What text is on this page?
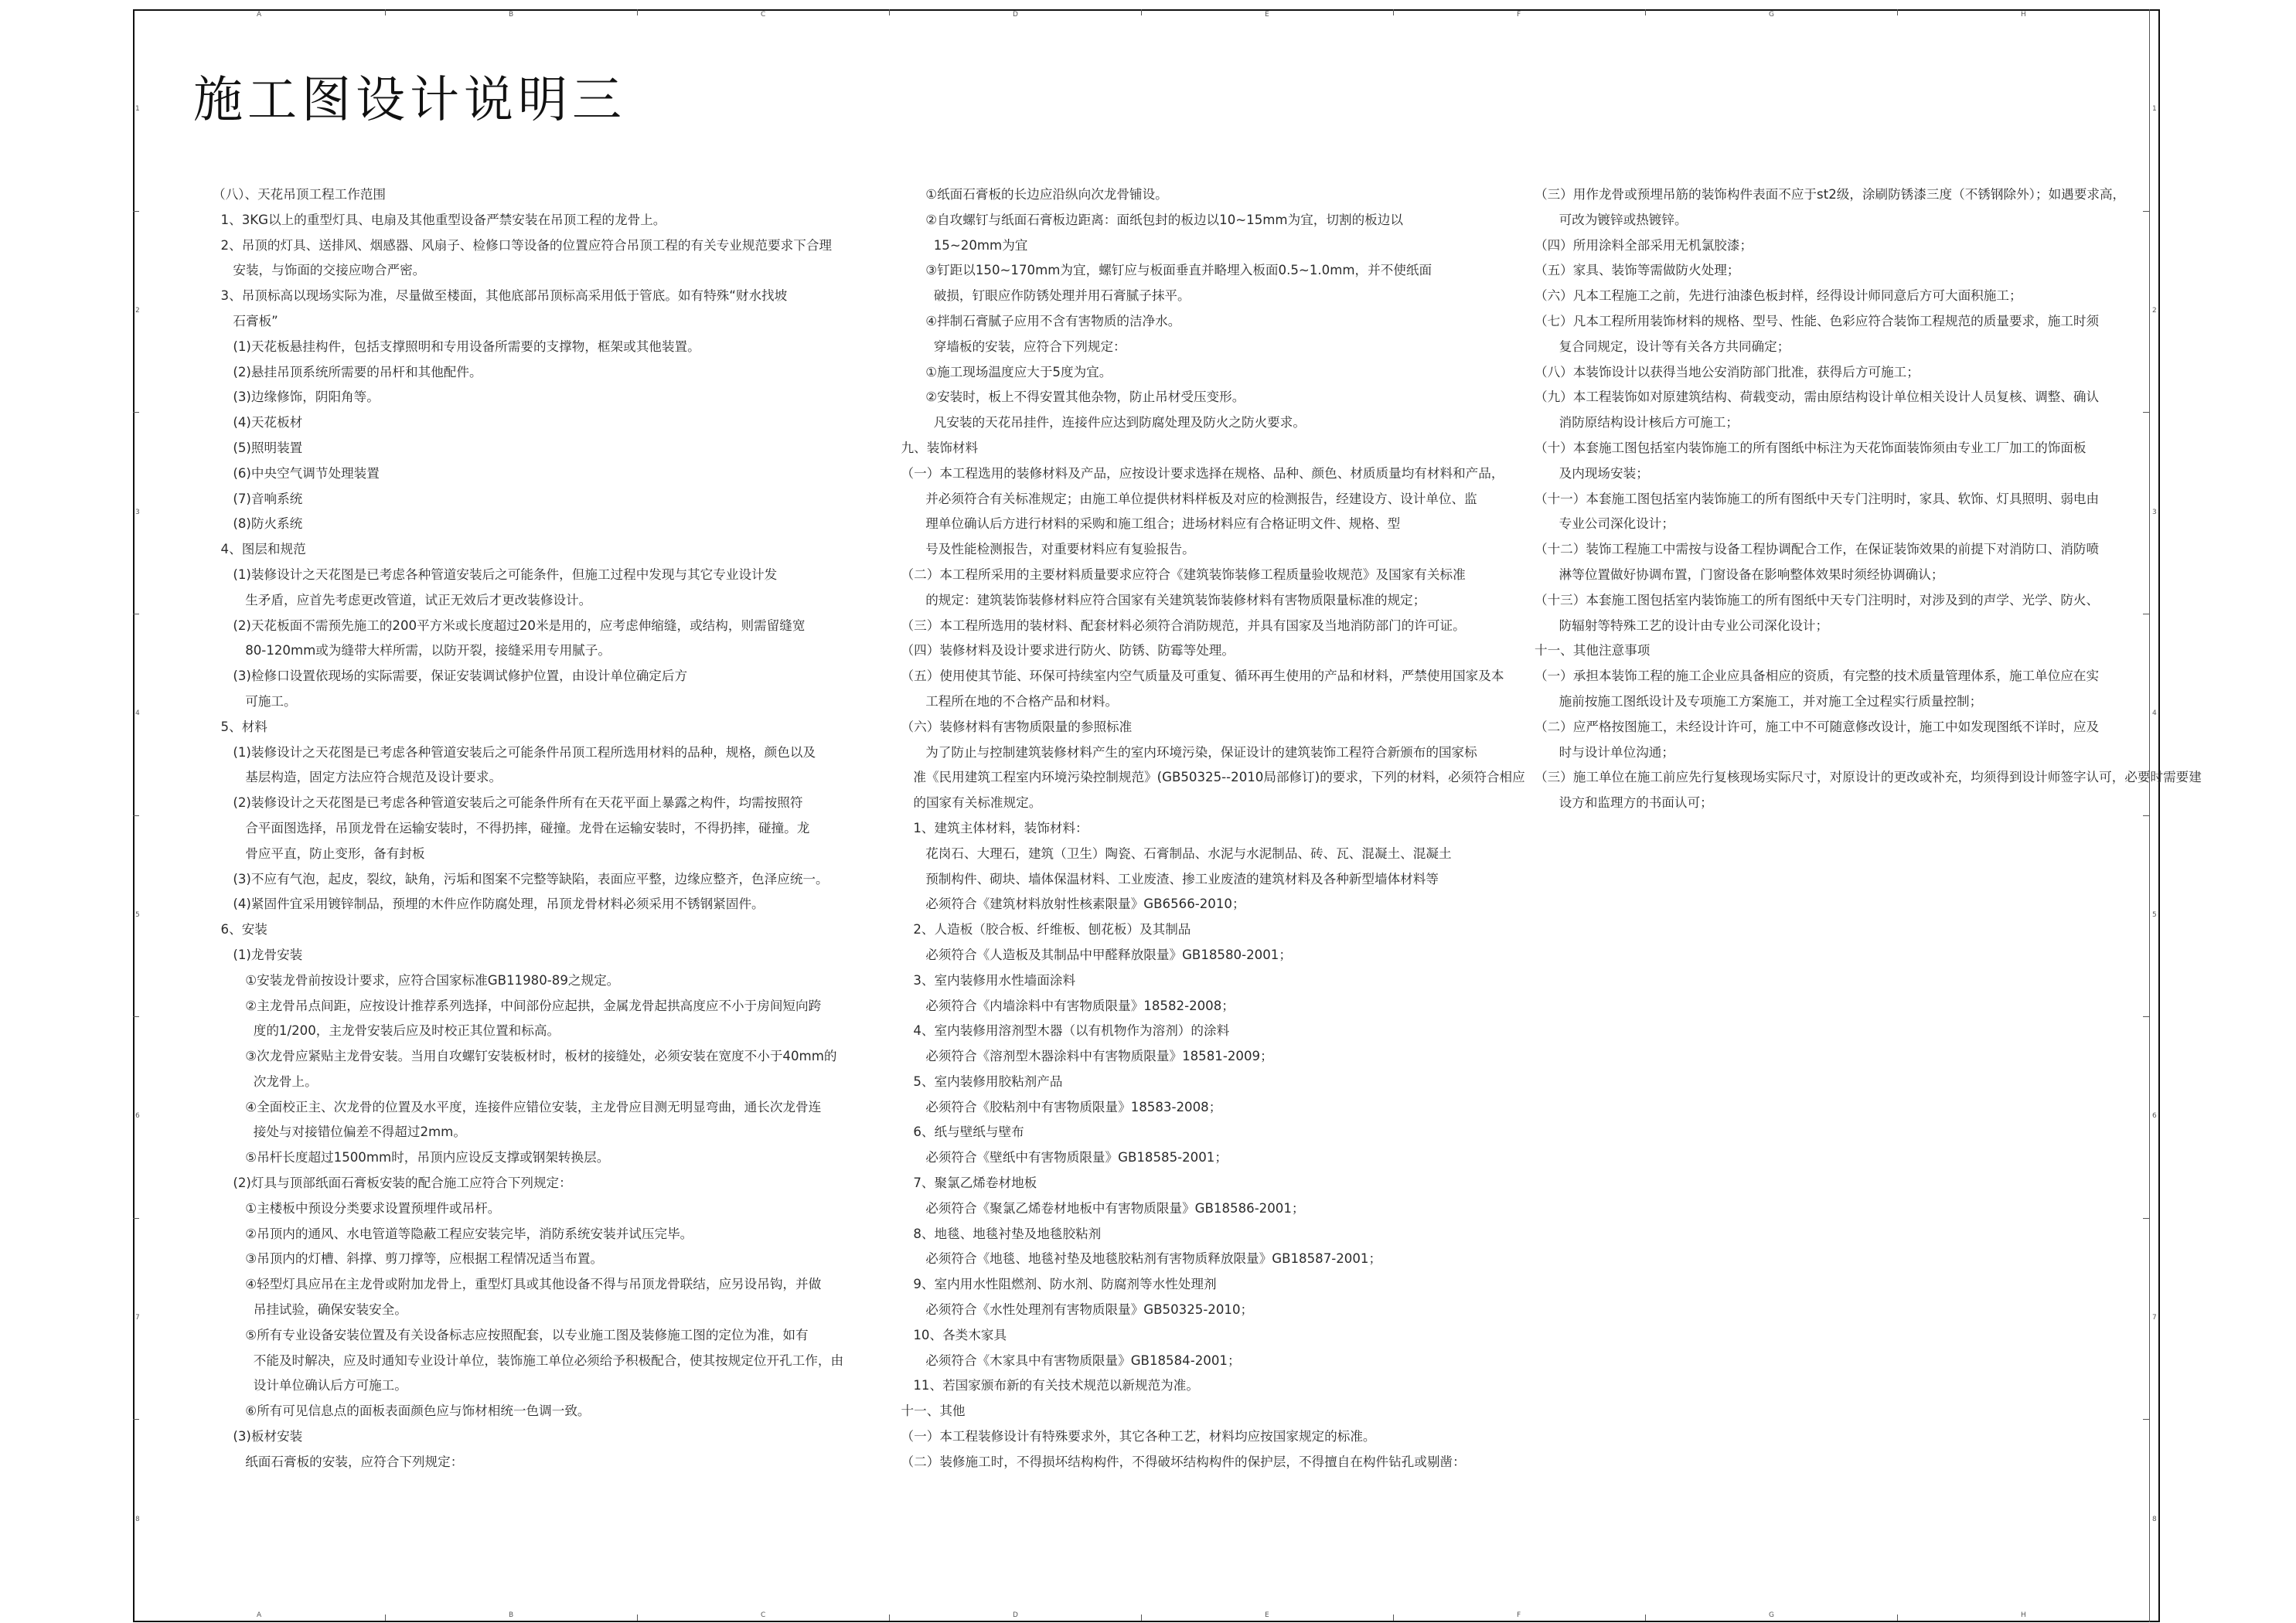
施工图设计说明三
（八）、天花吊顶工程工作范围
1、3KG以上的重型灯具、电扇及其他重型设备严禁安装在吊顶工程的龙骨上。
2、吊顶的灯具、送排风、烟感器、风扇子、检修口等设备的位置应符合吊顶工程的有关专业规范要求下合理
安装，与饰面的交接应吻合严密。
3、吊顶标高以现场实际为准，尽量做至楼面，其他底部吊顶标高采用低于管底。如有特殊“财水找坡
石膏板”
(1)天花板悬挂构件，包括支撑照明和专用设备所需要的支撑物，框架或其他装置。
(2)悬挂吊顶系统所需要的吊杆和其他配件。
(3)边缘修饰，阴阳角等。
(4)天花板材
(5)照明装置
(6)中央空气调节处理装置
(7)音响系统
(8)防火系统
4、图层和规范
(1)装修设计之天花图是已考虑各种管道安装后之可能条件，但施工过程中发现与其它专业设计发
生矛盾，应首先考虑更改管道，试正无效后才更改装修设计。
(2)天花板面不需预先施工的200平方米或长度超过20米是用的，应考虑伸缩缝，或结构，则需留缝宽
80-120mm或为缝带大样所需，以防开裂，接缝采用专用腻子。
(3)检修口设置依现场的实际需要，保证安装调试修护位置，由设计单位确定后方
可施工。
5、材料
(1)装修设计之天花图是已考虑各种管道安装后之可能条件吊顶工程所选用材料的品种，规格，颜色以及
基层构造，固定方法应符合规范及设计要求。
(2)装修设计之天花图是已考虑各种管道安装后之可能条件所有在天花平面上暴露之构件，均需按照符
合平面图选择，吊顶龙骨在运输安装时，不得扔摔，碰撞。龙骨在运输安装时，不得扔摔，碰撞。龙
骨应平直，防止变形，备有封板
(3)不应有气泡，起皮，裂纹，缺角，污垢和图案不完整等缺陷，表面应平整，边缘应整齐，色泽应统一。
(4)紧固件宜采用镀锌制品，预埋的木件应作防腐处理，吊顶龙骨材料必须采用不锈钢紧固件。
6、安装
(1)龙骨安装
①安装龙骨前按设计要求，应符合国家标准GB11980-89之规定。
②主龙骨吊点间距，应按设计推荐系列选择，中间部份应起拱，金属龙骨起拱高度应不小于房间短向跨
度的1/200，主龙骨安装后应及时校正其位置和标高。
③次龙骨应紧贴主龙骨安装。当用自攻螺钉安装板材时，板材的接缝处，必须安装在宽度不小于40mm的
次龙骨上。
④全面校正主、次龙骨的位置及水平度，连接件应错位安装，主龙骨应目测无明显弯曲，通长次龙骨连
接处与对接错位偏差不得超过2mm。
⑤吊杆长度超过1500mm时，吊顶内应设反支撑或钢架转换层。
(2)灯具与顶部纸面石膏板安装的配合施工应符合下列规定：
①主楼板中预设分类要求设置预埋件或吊杆。
②吊顶内的通风、水电管道等隐蔽工程应安装完毕，消防系统安装并试压完毕。
③吊顶内的灯槽、斜撑、剪刀撑等，应根据工程情况适当布置。
④轻型灯具应吊在主龙骨或附加龙骨上，重型灯具或其他设备不得与吊顶龙骨联结，应另设吊钩，并做
吊挂试验，确保安装安全。
⑤所有专业设备安装位置及有关设备标志应按照配套，以专业施工图及装修施工图的定位为准，如有
不能及时解决，应及时通知专业设计单位，装饰施工单位必须给予积极配合，使其按规定位开孔工作，由
设计单位确认后方可施工。
⑥所有可见信息点的面板表面颜色应与饰材相统一色调一致。
(3)板材安装
纸面石膏板的安装，应符合下列规定：
①纸面石膏板的长边应沿纵向次龙骨铺设。
②自攻螺钉与纸面石膏板边距离：面纸包封的板边以10~15mm为宜，切割的板边以
15~20mm为宜
③钉距以150~170mm为宜，螺钉应与板面垂直并略埋入板面0.5~1.0mm，并不使纸面
破损，钉眼应作防锈处理并用石膏腻子抹平。
④拌制石膏腻子应用不含有害物质的洁净水。
穿墙板的安装，应符合下列规定：
①施工现场温度应大于5度为宜。
②安装时，板上不得安置其他杂物，防止吊材受压变形。
凡安装的天花吊挂件，连接件应达到防腐处理及防火之防火要求。
九、装饰材料
（一）本工程选用的装修材料及产品，应按设计要求选择在规格、品种、颜色、材质质量均有材料和产品，
并必须符合有关标准规定；由施工单位提供材料样板及对应的检测报告，经建设方、设计单位、监
理单位确认后方进行材料的采购和施工组合；进场材料应有合格证明文件、规格、型
号及性能检测报告，对重要材料应有复验报告。
（二）本工程所采用的主要材料质量要求应符合《建筑装饰装修工程质量验收规范》及国家有关标准
的规定：建筑装饰装修材料应符合国家有关建筑装饰装修材料有害物质限量标准的规定；
（三）本工程所选用的装材料、配套材料必须符合消防规范，并具有国家及当地消防部门的许可证。
（四）装修材料及设计要求进行防火、防锈、防霉等处理。
（五）使用使其节能、环保可持续室内空气质量及可重复、循环再生使用的产品和材料，严禁使用国家及本
工程所在地的不合格产品和材料。
（六）装修材料有害物质限量的参照标准
为了防止与控制建筑装修材料产生的室内环境污染，保证设计的建筑装饰工程符合新颁布的国家标
准《民用建筑工程室内环境污染控制规范》(GB50325--2010局部修订)的要求，下列的材料，必须符合相应
的国家有关标准规定。
1、建筑主体材料，装饰材料：
花岗石、大理石，建筑（卫生）陶瓷、石膏制品、水泥与水泥制品、砖、瓦、混凝土、混凝土
预制构件、砌块、墙体保温材料、工业废渣、掺工业废渣的建筑材料及各种新型墙体材料等
必须符合《建筑材料放射性核素限量》GB6566-2010；
2、人造板（胶合板、纤维板、刨花板）及其制品
必须符合《人造板及其制品中甲醛释放限量》GB18580-2001；
3、室内装修用水性墙面涂料
必须符合《内墙涂料中有害物质限量》18582-2008；
4、室内装修用溶剂型木器（以有机物作为溶剂）的涂料
必须符合《溶剂型木器涂料中有害物质限量》18581-2009；
5、室内装修用胶粘剂产品
必须符合《胶粘剂中有害物质限量》18583-2008；
6、纸与壁纸与壁布
必须符合《壁纸中有害物质限量》GB18585-2001；
7、聚氯乙烯卷材地板
必须符合《聚氯乙烯卷材地板中有害物质限量》GB18586-2001；
8、地毯、地毯衬垫及地毯胶粘剂
必须符合《地毯、地毯衬垫及地毯胶粘剂有害物质释放限量》GB18587-2001；
9、室内用水性阻燃剂、防水剂、防腐剂等水性处理剂
必须符合《水性处理剂有害物质限量》GB50325-2010；
10、各类木家具
必须符合《木家具中有害物质限量》GB18584-2001；
11、若国家颁布新的有关技术规范以新规范为准。
十一、其他
（一）本工程装修设计有特殊要求外，其它各种工艺，材料均应按国家规定的标准。
（二）装修施工时，不得损坏结构构件，不得破坏结构构件的保护层，不得擅自在构件钻孔或剔凿：
（三）用作龙骨或预埋吊筋的装饰构件表面不应于st2级，涂刷防锈漆三度（不锈钢除外）；如遇要求高，
可改为镀锌或热镀锌。
（四）所用涂料全部采用无机氯胶漆；
（五）家具、装饰等需做防火处理；
（六）凡本工程施工之前，先进行油漆色板封样，经得设计师同意后方可大面积施工；
（七）凡本工程所用装饰材料的规格、型号、性能、色彩应符合装饰工程规范的质量要求，施工时须
复合同规定，设计等有关各方共同确定；
（八）本装饰设计以获得当地公安消防部门批准，获得后方可施工；
（九）本工程装饰如对原建筑结构、荷载变动，需由原结构设计单位相关设计人员复核、调整、确认
消防原结构设计核后方可施工；
（十）本套施工图包括室内装饰施工的所有图纸中标注为天花饰面装饰须由专业工厂加工的饰面板
及内现场安装；
（十一）本套施工图包括室内装饰施工的所有图纸中天专门注明时，家具、软饰、灯具照明、弱电由
专业公司深化设计；
（十二）装饰工程施工中需按与设备工程协调配合工作，在保证装饰效果的前提下对消防口、消防喷
淋等位置做好协调布置，门窗设备在影响整体效果时须经协调确认；
（十三）本套施工图包括室内装饰施工的所有图纸中天专门注明时，对涉及到的声学、光学、防火、
防辐射等特殊工艺的设计由专业公司深化设计；
十一、其他注意事项
（一）承担本装饰工程的施工企业应具备相应的资质，有完整的技术质量管理体系，施工单位应在实
施前按施工图纸设计及专项施工方案施工，并对施工全过程实行质量控制；
（二）应严格按图施工，未经设计许可，施工中不可随意修改设计，施工中如发现图纸不详时，应及
时与设计单位沟通；
（三）施工单位在施工前应先行复核现场实际尺寸，对原设计的更改或补充，均须得到设计师签字认可，必要时需要建
设方和监理方的书面认可；
A
A
B
B
C
C
D
D
E
E
F
F
G
G
H
H
1	1
2	2
3	3
4	4
5	5
6	6
7	7
8	8
